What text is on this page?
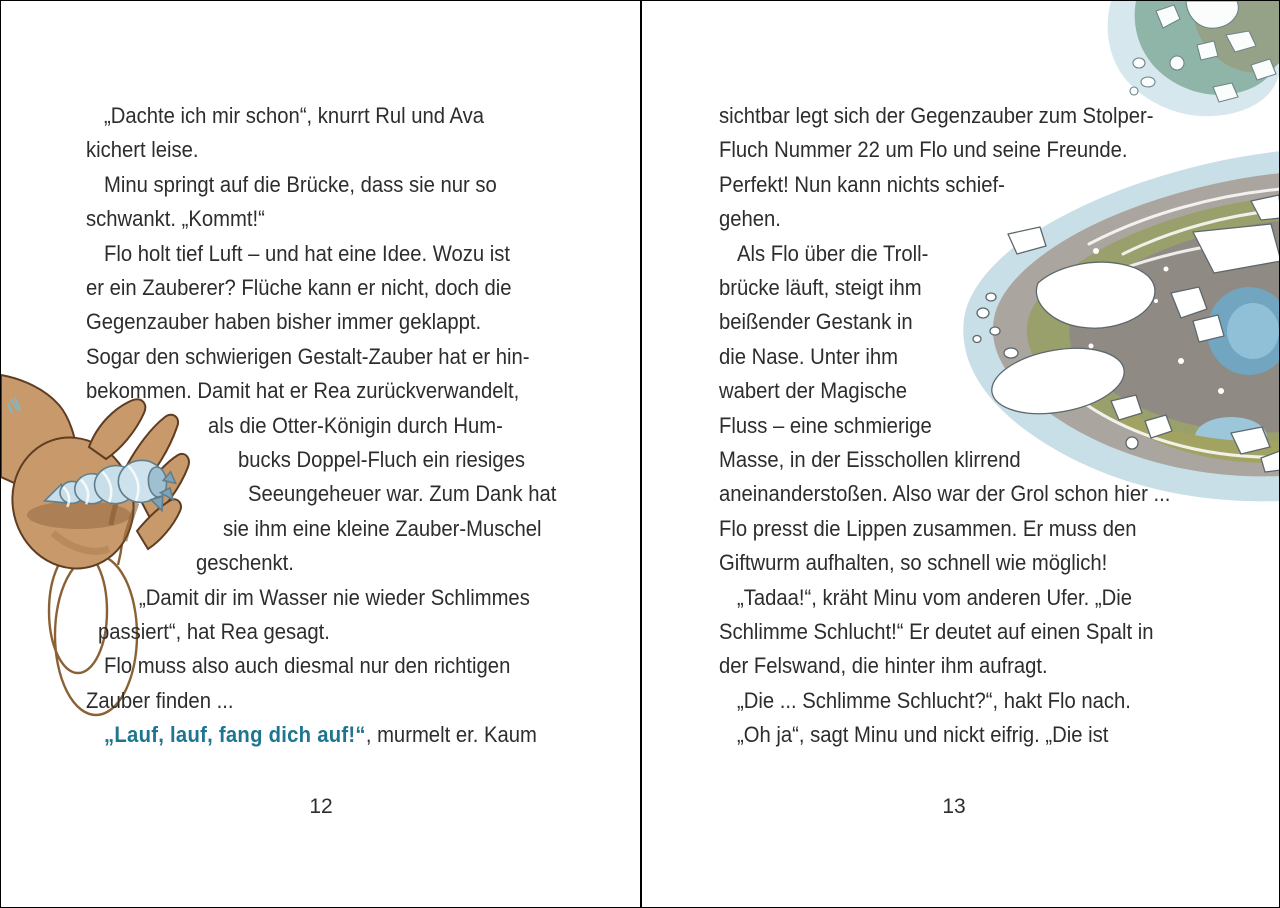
„Dachte ich mir schon“, knurrt Rul und Ava
kichert leise.
Minu springt auf die Brücke, dass sie nur so
schwankt. „Kommt!“
Flo holt tief Luft – und hat eine Idee. Wozu ist
er ein Zauberer? Flüche kann er nicht, doch die
Gegenzauber haben bisher immer geklappt.
Sogar den schwierigen Gestalt-Zauber hat er hin-
bekommen. Damit hat er Rea zurückverwandelt,
als die Otter-Königin durch Hum-
bucks Doppel-Fluch ein riesiges
Seeungeheuer war. Zum Dank hat
sie ihm eine kleine Zauber-Muschel
geschenkt.
„Damit dir im Wasser nie wieder Schlimmes
passiert“, hat Rea gesagt.
Flo muss also auch diesmal nur den richtigen
Zauber finden ...
„Lauf, lauf, fang dich auf!“, murmelt er. Kaum
12
sichtbar legt sich der Gegenzauber zum Stolper-
Fluch Nummer 22 um Flo und seine Freunde.
Perfekt! Nun kann nichts schief-
gehen.
Als Flo über die Troll-
brücke läuft, steigt ihm
beißender Gestank in
die Nase. Unter ihm
wabert der Magische
Fluss – eine schmierige
Masse, in der Eisschollen klirrend
aneinanderstoßen. Also war der Grol schon hier ...
Flo presst die Lippen zusammen. Er muss den
Giftwurm aufhalten, so schnell wie möglich!
„Tadaa!“, kräht Minu vom anderen Ufer. „Die
Schlimme Schlucht!“ Er deutet auf einen Spalt in
der Felswand, die hinter ihm aufragt.
„Die ... Schlimme Schlucht?“, hakt Flo nach.
„Oh ja“, sagt Minu und nickt eifrig. „Die ist
13
